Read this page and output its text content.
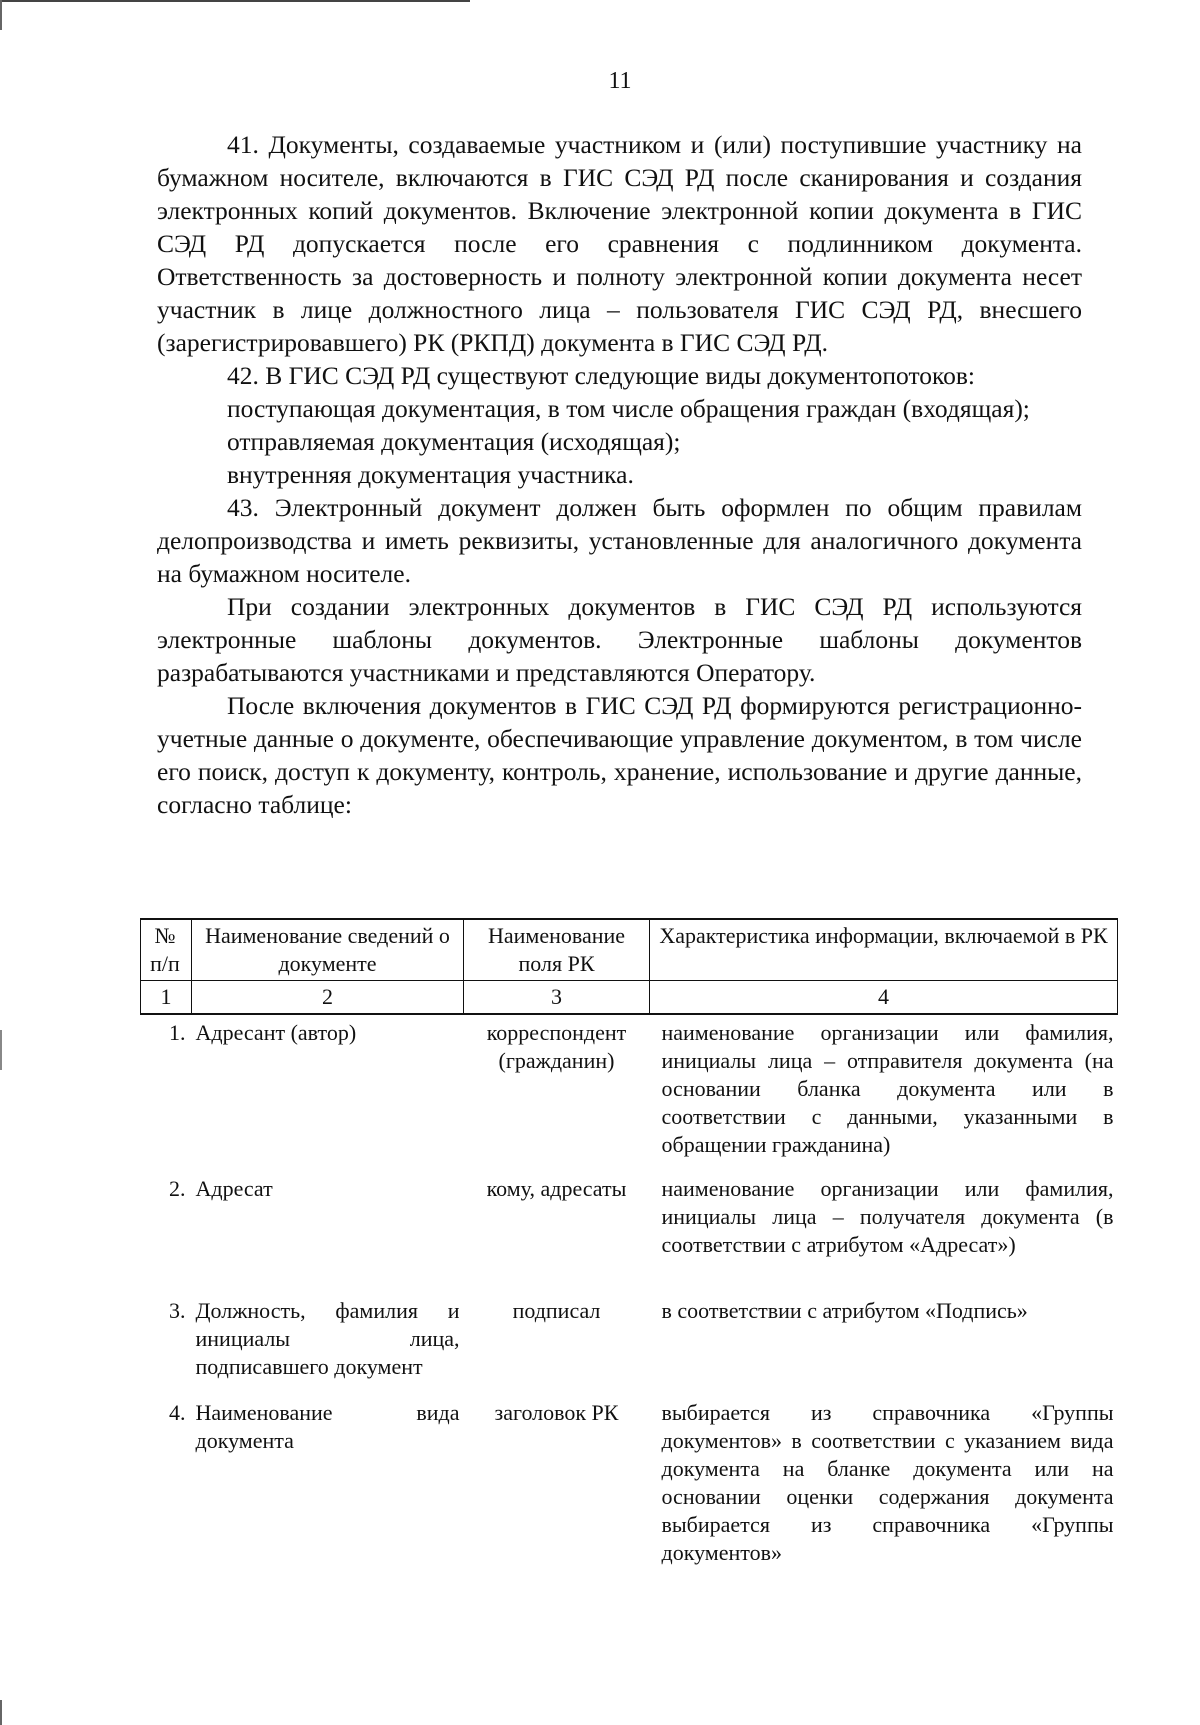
11

41. Документы, создаваемые участником и (или) поступившие участнику на бумажном носителе, включаются в ГИС СЭД РД после сканирования и создания электронных копий документов. Включение электронной копии документа в ГИС СЭД РД допускается после его сравнения с подлинником документа. Ответственность за достоверность и полноту электронной копии документа несет участник в лице должностного лица – пользователя ГИС СЭД РД, внесшего (зарегистрировавшего) РК (РКПД) документа в ГИС СЭД РД.

42. В ГИС СЭД РД существуют следующие виды документопотоков:

поступающая документация, в том числе обращения граждан (входящая);

отправляемая документация (исходящая);

внутренняя документация участника.

43. Электронный документ должен быть оформлен по общим правилам делопроизводства и иметь реквизиты, установленные для аналогичного документа на бумажном носителе.

При создании электронных документов в ГИС СЭД РД используются электронные шаблоны документов. Электронные шаблоны документов разрабатываются участниками и представляются Оператору.

После включения документов в ГИС СЭД РД формируются регистрационно-учетные данные о документе, обеспечивающие управление документом, в том числе его поиск, доступ к документу, контроль, хранение, использование и другие данные, согласно таблице:

№ п/п	Наименование сведений о документе	Наименование поля РК	Характеристика информации, включаемой в РК
1	2	3	4
1.	Адресант (автор)	корреспондент (гражданин)	наименование организации или фамилия, инициалы лица – отправителя документа (на основании бланка документа или в соответствии с данными, указанными в обращении гражданина)
2.	Адресат	кому, адресаты	наименование организации или фамилия, инициалы лица – получателя документа (в соответствии с атрибутом «Адресат»)
3.	Должность, фамилия и инициалы лица, подписавшего документ	подписал	в соответствии с атрибутом «Подпись»
4.	Наименование вида документа	заголовок РК	выбирается из справочника «Группы документов» в соответствии с указанием вида документа на бланке документа или на основании оценки содержания документа выбирается из справочника «Группы документов»
